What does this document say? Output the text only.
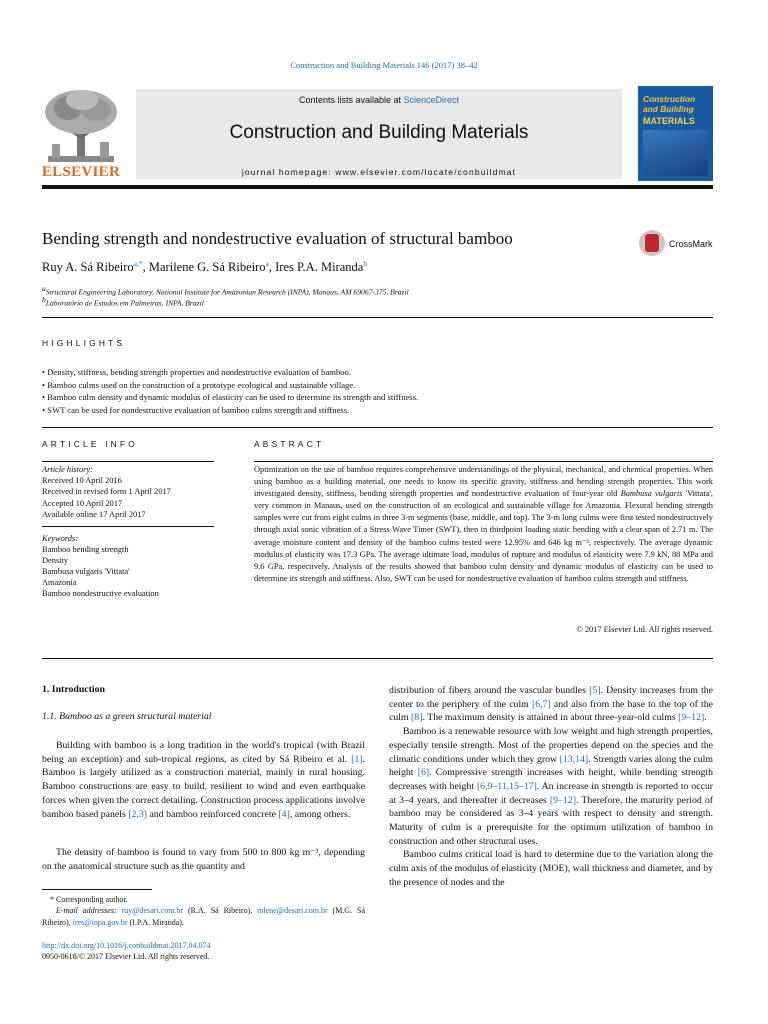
Construction and Building Materials 146 (2017) 38–42
ELSEVIER
Contents lists available at ScienceDirect
Construction and Building Materials
journal homepage: www.elsevier.com/locate/conbuildmat
Construction and Building
MATERIALS
Bending strength and nondestructive evaluation of structural bamboo	CrossMark
Ruy A. Sá Ribeiro$^{a,*}$, Marilene G. Sá Ribeiro$^a$, Ires P.A. Miranda$^b$
$^a$Structural Engineering Laboratory, National Institute for Amazonian Research (INPA), Manaus, AM 69067-375, Brazil
$^b$Laboratório de Estudos em Palmeiras, INPA, Brazil
HIGHLIGHTS
• Density, stiffness, bending strength properties and nondestructive evaluation of bamboo.
• Bamboo culms used on the construction of a prototype ecological and sustainable village.
• Bamboo culm density and dynamic modulus of elasticity can be used to determine its strength and stiffness.
• SWT can be used for nondestructive evaluation of bamboo culms strength and stiffness.
ARTICLE INFO
Article history:
Received 10 April 2016
Received in revised form 1 April 2017
Accepted 10 April 2017
Available online 17 April 2017
Keywords:
Bamboo bending strength
Density
Bambusa vulgaris 'Vittata'
Amazonia
Bamboo nondestructive evaluation
ABSTRACT
Optimization on the use of bamboo requires comprehensive understandings of the physical, mechanical, and chemical properties. When using bamboo as a building material, one needs to know its specific gravity, stiffness and bending strength properties. This work investigated density, stiffness, bending strength properties and nondestructive evaluation of four-year old Bambusa vulgaris 'Vittata', very common in Manaus, used on the construction of an ecological and sustainable village for Amazonia. Flexural bending strength samples were cut from eight culms in three 3-m segments (base, middle, and top). The 3-m long culms were first tested nondestructively through axial sonic vibration of a Stress Wave Timer (SWT), then in thirdpoint loading static bending with a clear span of 2.71 m. The average moisture content and density of the bamboo culms tested were 12.95% and 646 kg m⁻³, respectively. The average dynamic modulus of elasticity was 17.3 GPa. The average ultimate load, modulus of rupture and modulus of elasticity were 7.9 kN, 88 MPa and 9.6 GPa, respectively. Analysis of the results showed that bamboo culm density and dynamic modulus of elasticity can be used to determine its strength and stiffness. Also, SWT can be used for nondestructive evaluation of bamboo culms strength and stiffness.
© 2017 Elsevier Ltd. All rights reserved.
1. Introduction
1.1. Bamboo as a green structural material
Building with bamboo is a long tradition in the world's tropical (with Brazil being an exception) and sub-tropical regions, as cited by Sá Ribeiro et al. [1]. Bamboo is largely utilized as a construction material, mainly in rural housing. Bamboo constructions are easy to build, resilient to wind and even earthquake forces when given the correct detailing. Construction process applications involve bamboo based panels [2,3] and bamboo reinforced concrete [4], among others.
The density of bamboo is found to vary from 500 to 800 kg m⁻³, depending on the anatomical structure such as the quantity and
* Corresponding author.
E-mail addresses: ruy@desari.com.br (R.A. Sá Ribeiro), mlene@desari.com.br (M.G. Sá Ribeiro), ires@inpa.gov.br (I.P.A. Miranda).
http://dx.doi.org/10.1016/j.conbuildmat.2017.04.074
0950-0618/© 2017 Elsevier Ltd. All rights reserved.

distribution of fibers around the vascular bundles [5]. Density increases from the center to the periphery of the culm [6,7] and also from the base to the top of the culm [8]. The maximum density is attained in about three-year-old culms [9–12].

Bamboo is a renewable resource with low weight and high strength properties, especially tensile strength. Most of the properties depend on the species and the climatic conditions under which they grow [13,14]. Strength varies along the culm height [6]. Compressive strength increases with height, while bending strength decreases with height [6,9–11,15–17]. An increase in strength is reported to occur at 3–4 years, and thereafter it decreases [9–12]. Therefore, the maturity period of bamboo may be considered as 3–4 years with respect to density and strength. Maturity of culm is a prerequisite for the optimum utilization of bamboo in construction and other structural uses.

Bamboo culms critical load is hard to determine due to the variation along the culm axis of the modulus of elasticity (MOE), wall thickness and diameter, and by the presence of nodes and the
